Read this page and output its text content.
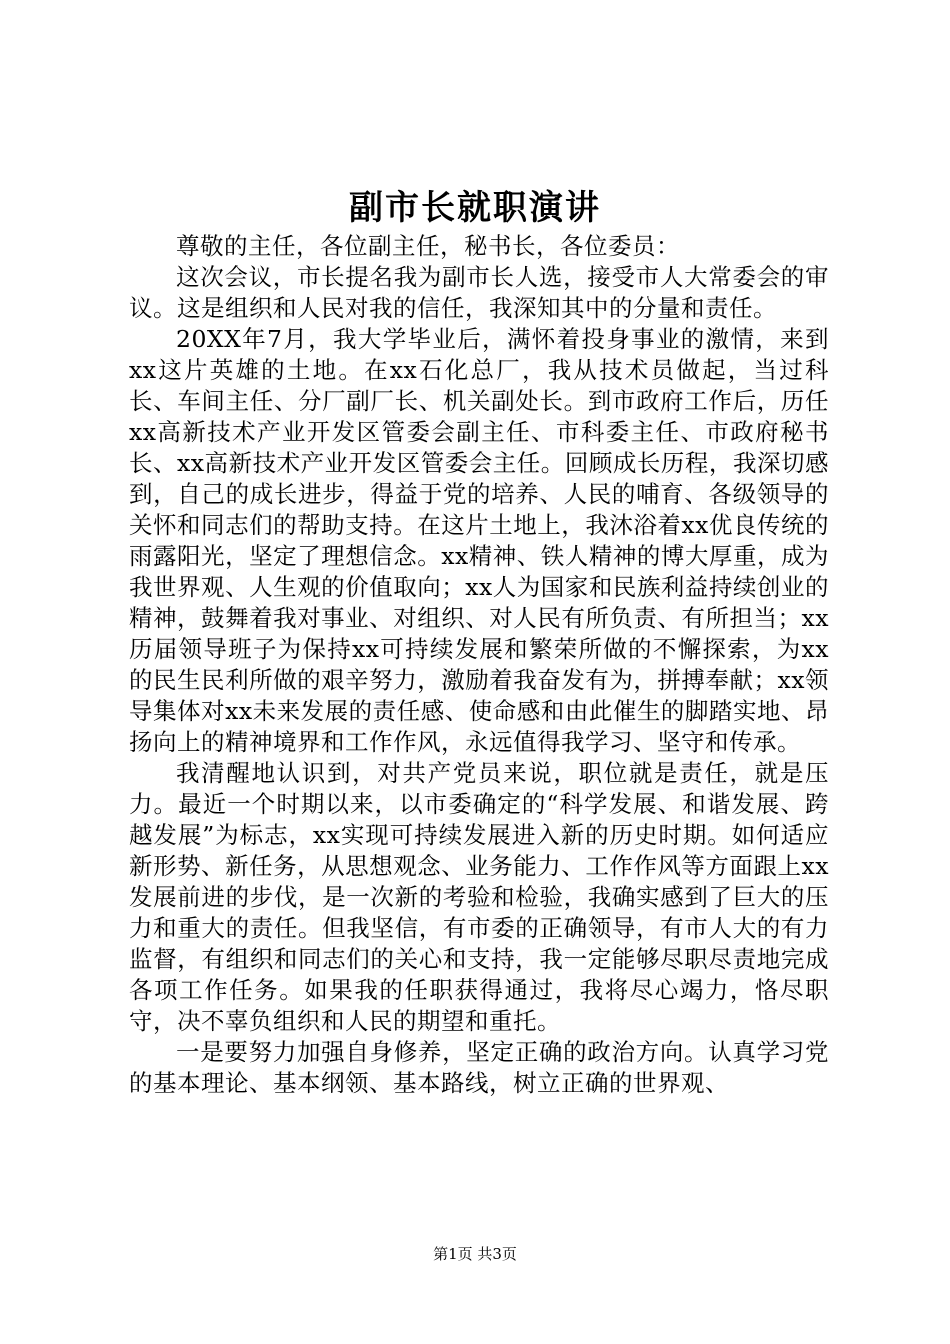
副市长就职演讲

尊敬的主任，各位副主任，秘书长，各位委员：

这次会议，市长提名我为副市长人选，接受市人大常委会的审议。这是组织和人民对我的信任，我深知其中的分量和责任。

20XX年7月，我大学毕业后，满怀着投身事业的激情，来到xx这片英雄的土地。在xx石化总厂，我从技术员做起，当过科长、车间主任、分厂副厂长、机关副处长。到市政府工作后，历任xx高新技术产业开发区管委会副主任、市科委主任、市政府秘书长、xx高新技术产业开发区管委会主任。回顾成长历程，我深切感到，自己的成长进步，得益于党的培养、人民的哺育、各级领导的关怀和同志们的帮助支持。在这片土地上，我沐浴着xx优良传统的雨露阳光，坚定了理想信念。xx精神、铁人精神的博大厚重，成为我世界观、人生观的价值取向；xx人为国家和民族利益持续创业的精神，鼓舞着我对事业、对组织、对人民有所负责、有所担当；xx历届领导班子为保持xx可持续发展和繁荣所做的不懈探索，为xx的民生民利所做的艰辛努力，激励着我奋发有为，拼搏奉献；xx领导集体对xx未来发展的责任感、使命感和由此催生的脚踏实地、昂扬向上的精神境界和工作作风，永远值得我学习、坚守和传承。

我清醒地认识到，对共产党员来说，职位就是责任，就是压力。最近一个时期以来，以市委确定的“科学发展、和谐发展、跨越发展”为标志，xx实现可持续发展进入新的历史时期。如何适应新形势、新任务，从思想观念、业务能力、工作作风等方面跟上xx发展前进的步伐，是一次新的考验和检验，我确实感到了巨大的压力和重大的责任。但我坚信，有市委的正确领导，有市人大的有力监督，有组织和同志们的关心和支持，我一定能够尽职尽责地完成各项工作任务。如果我的任职获得通过，我将尽心竭力，恪尽职守，决不辜负组织和人民的期望和重托。

一是要努力加强自身修养，坚定正确的政治方向。认真学习党的基本理论、基本纲领、基本路线，树立正确的世界观、

第1页 共3页
